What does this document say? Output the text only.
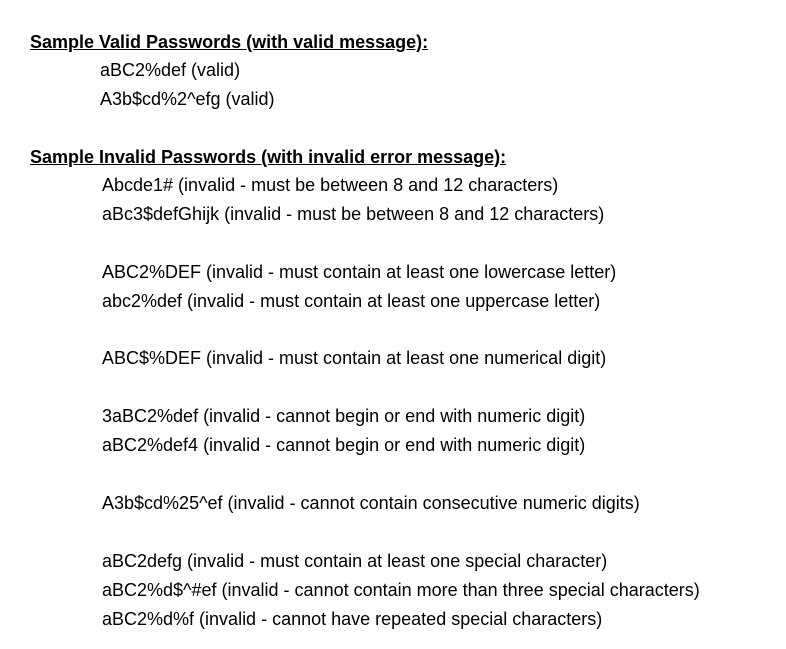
Sample Valid Passwords (with valid message):
aBC2%def (valid)
A3b$cd%2^efg (valid)
Sample Invalid Passwords (with invalid error message):
Abcde1# (invalid - must be between 8 and 12 characters)
aBc3$defGhijk (invalid - must be between 8 and 12 characters)
ABC2%DEF (invalid - must contain at least one lowercase letter)
abc2%def (invalid - must contain at least one uppercase letter)
ABC$%DEF (invalid - must contain at least one numerical digit)
3aBC2%def (invalid - cannot begin or end with numeric digit)
aBC2%def4 (invalid - cannot begin or end with numeric digit)
A3b$cd%25^ef (invalid - cannot contain consecutive numeric digits)
aBC2defg (invalid - must contain at least one special character)
aBC2%d$^#ef (invalid - cannot contain more than three special characters)
aBC2%d%f (invalid - cannot have repeated special characters)
